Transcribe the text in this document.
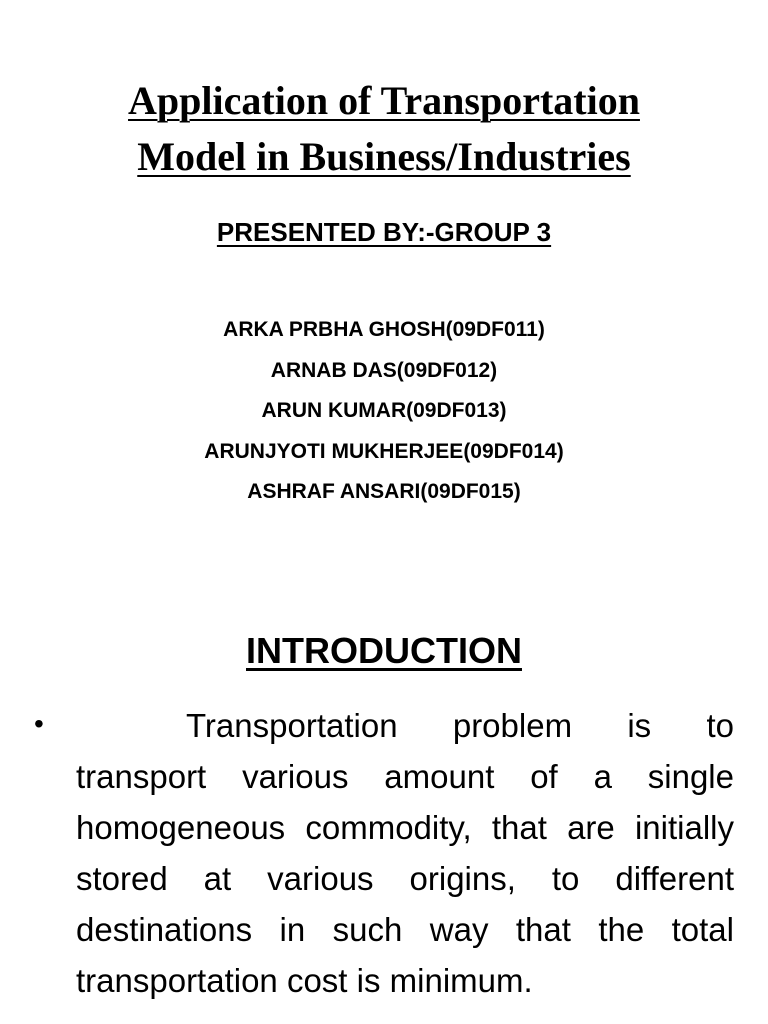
Application of Transportation
Model in Business/Industries
PRESENTED BY:-GROUP 3
ARKA PRBHA GHOSH(09DF011)
ARNAB DAS(09DF012)
ARUN KUMAR(09DF013)
ARUNJYOTI MUKHERJEE(09DF014)
ASHRAF ANSARI(09DF015)
INTRODUCTION
•	Transportation problem is to transport various amount of a single homogeneous commodity, that are initially stored at various origins, to different destinations in such way that the total transportation cost is minimum.
